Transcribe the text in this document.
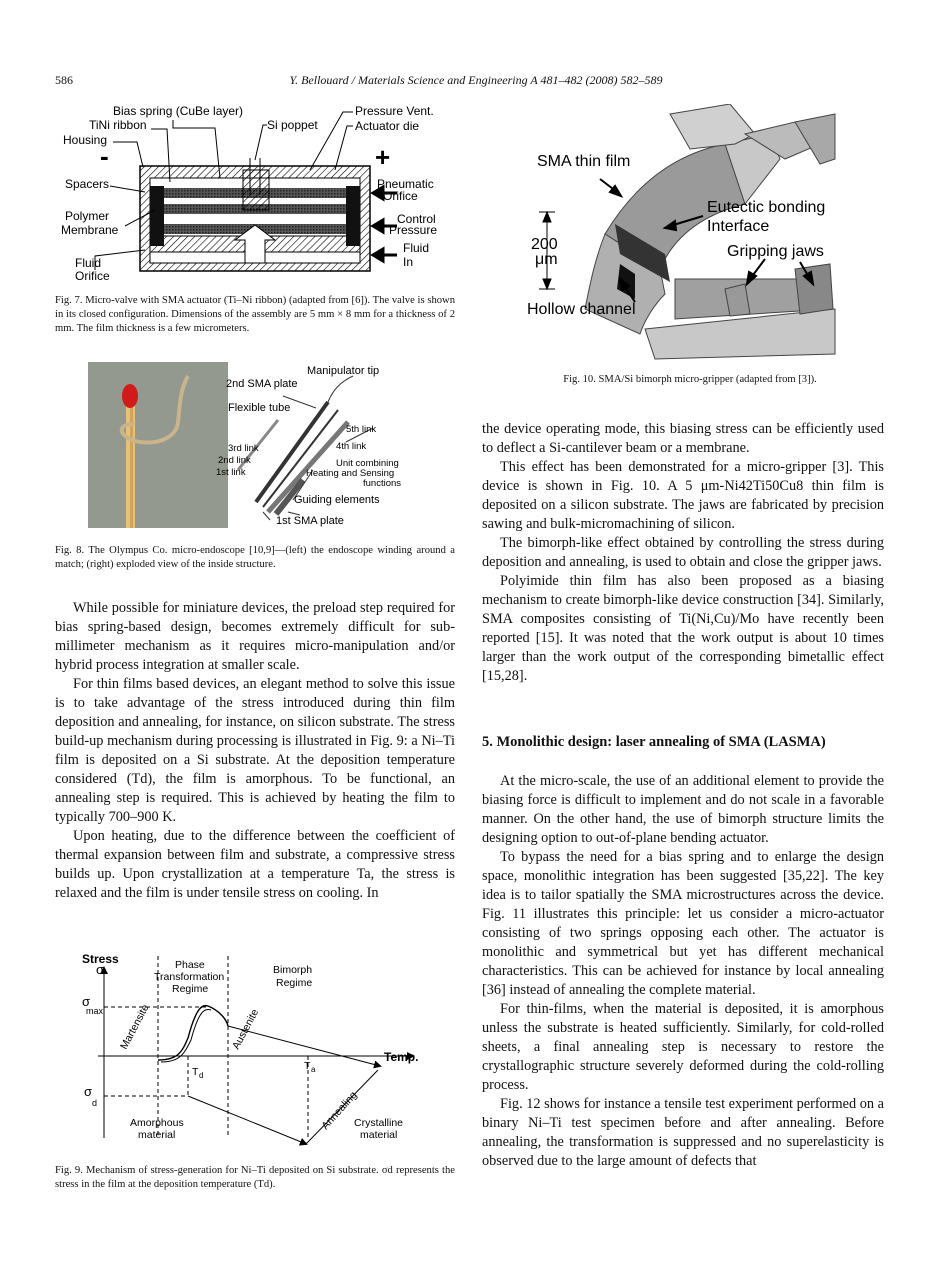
586	Y. Bellouard / Materials Science and Engineering A 481–482 (2008) 582–589
Bias spring (CuBe layer)
TiNi ribbon
Housing
-
Spacers
Polymer
Membrane
Fluid
Orifice
Si poppet
Pressure Vent.
Actuator die
+
Pneumatic
Orifice
Control
Pressure
Fluid
In
Fig. 7. Micro-valve with SMA actuator (Ti–Ni ribbon) (adapted from [6]). The valve is shown in its closed configuration. Dimensions of the assembly are 5 mm × 8 mm for a thickness of 2 mm. The film thickness is a few micrometers.
Manipulator tip
2nd SMA plate
Flexible tube
5th link
4th link
3rd link
2nd link
1st link
Unit combining
Heating and Sensing
functions
Guiding elements
1st SMA plate
Fig. 8. The Olympus Co. micro-endoscope [10,9]—(left) the endoscope winding around a match; (right) exploded view of the inside structure.

While possible for miniature devices, the preload step required for bias spring-based design, becomes extremely difficult for sub-millimeter mechanism as it requires micro-manipulation and/or hybrid process integration at smaller scale.

For thin films based devices, an elegant method to solve this issue is to take advantage of the stress introduced during thin film deposition and annealing, for instance, on silicon substrate. The stress build-up mechanism during processing is illustrated in Fig. 9: a Ni–Ti film is deposited on a Si substrate. At the deposition temperature considered (Td), the film is amorphous. To be functional, an annealing step is required. This is achieved by heating the film to typically 700–900 K.

Upon heating, due to the difference between the coefficient of thermal expansion between film and substrate, a compressive stress builds up. Upon crystallization at a temperature Ta, the stress is relaxed and the film is under tensile stress on cooling. In

Stress
σ	Phase
Transformation
Regime
Bimorph
Regime
σ
max Martensite	Austenite
Temp.
T d
T a
σ
d
Amorphous
material
Annealing
Crystalline
material
Fig. 9. Mechanism of stress-generation for Ni–Ti deposited on Si substrate. σd represents the stress in the film at the deposition temperature (Td).
SMA thin film
Eutectic bonding
Interface
200
μm	Gripping jaws
Hollow channel
Fig. 10. SMA/Si bimorph micro-gripper (adapted from [3]).

the device operating mode, this biasing stress can be efficiently used to deflect a Si-cantilever beam or a membrane.

This effect has been demonstrated for a micro-gripper [3]. This device is shown in Fig. 10. A 5 μm-Ni42Ti50Cu8 thin film is deposited on a silicon substrate. The jaws are fabricated by precision sawing and bulk-micromachining of silicon.

The bimorph-like effect obtained by controlling the stress during deposition and annealing, is used to obtain and close the gripper jaws.

Polyimide thin film has also been proposed as a biasing mechanism to create bimorph-like device construction [34]. Similarly, SMA composites consisting of Ti(Ni,Cu)/Mo have recently been reported [15]. It was noted that the work output is about 10 times larger than the work output of the corresponding bimetallic effect [15,28].

5. Monolithic design: laser annealing of SMA (LASMA)

At the micro-scale, the use of an additional element to provide the biasing force is difficult to implement and do not scale in a favorable manner. On the other hand, the use of bimorph structure limits the designing option to out-of-plane bending actuator.

To bypass the need for a bias spring and to enlarge the design space, monolithic integration has been suggested [35,22]. The key idea is to tailor spatially the SMA microstructures across the device. Fig. 11 illustrates this principle: let us consider a micro-actuator consisting of two springs opposing each other. The actuator is monolithic and symmetrical but yet has different mechanical characteristics. This can be achieved for instance by local annealing [36] instead of annealing the complete material.

For thin-films, when the material is deposited, it is amorphous unless the substrate is heated sufficiently. Similarly, for cold-rolled sheets, a final annealing step is necessary to restore the crystallographic structure severely deformed during the cold-rolling process.

Fig. 12 shows for instance a tensile test experiment performed on a binary Ni–Ti test specimen before and after annealing. Before annealing, the transformation is suppressed and no superelasticity is observed due to the large amount of defects that
